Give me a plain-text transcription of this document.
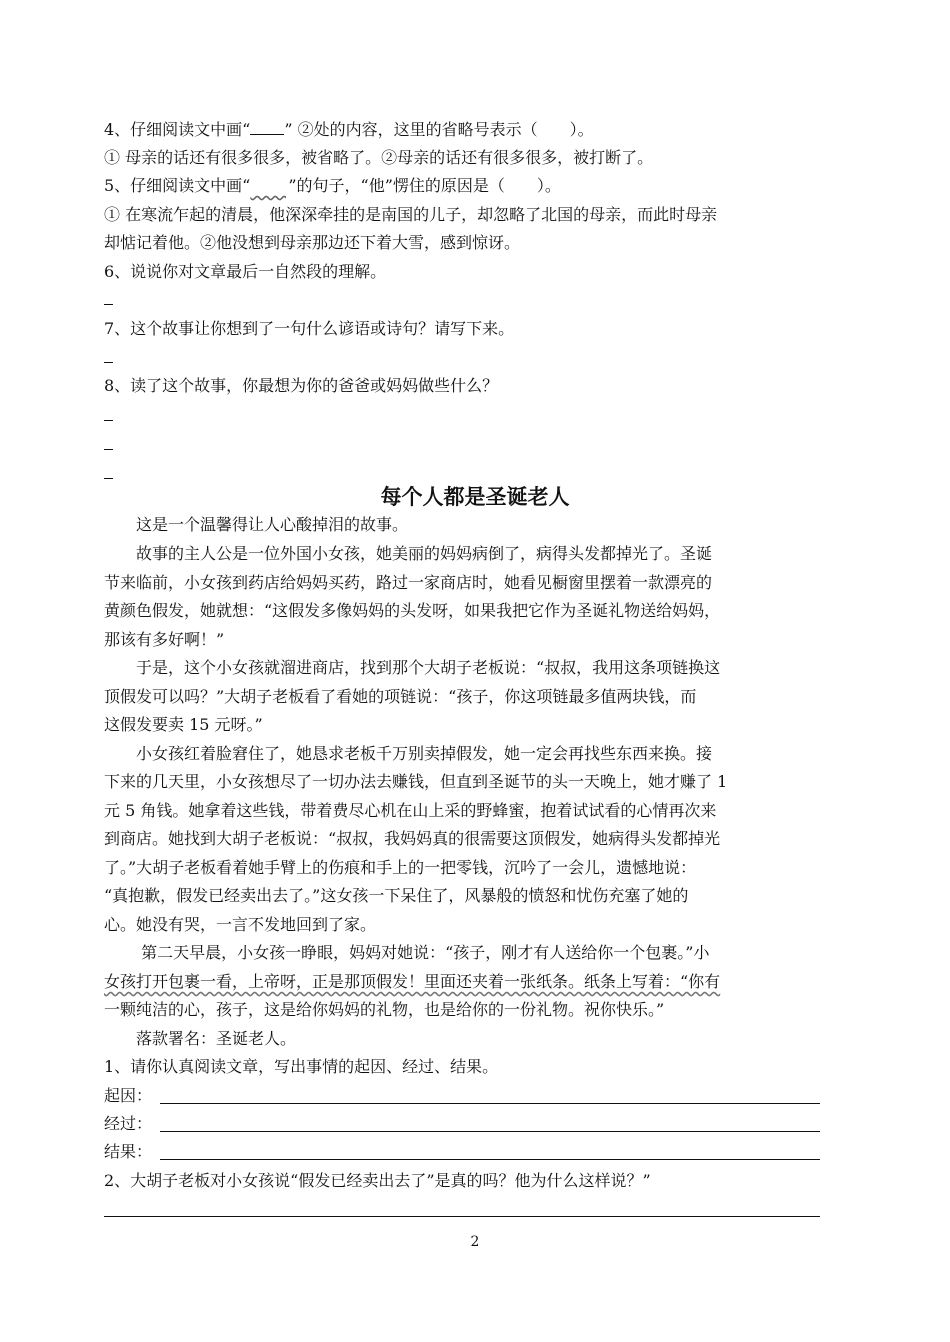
4、仔细阅读文中画“ ” ②处的内容，这里的省略号表示（　　）。
① 母亲的话还有很多很多，被省略了。②母亲的话还有很多很多，被打断了。
5、仔细阅读文中画“ ”的句子，“他”愣住的原因是（　　）。
① 在寒流乍起的清晨，他深深牵挂的是南国的儿子，却忽略了北国的母亲，而此时母亲
却惦记着他。②他没想到母亲那边还下着大雪，感到惊讶。
6、说说你对文章最后一自然段的理解。
7、这个故事让你想到了一句什么谚语或诗句？请写下来。
8、读了这个故事，你最想为你的爸爸或妈妈做些什么？
每个人都是圣诞老人
　　这是一个温馨得让人心酸掉泪的故事。
　　故事的主人公是一位外国小女孩，她美丽的妈妈病倒了，病得头发都掉光了。圣诞
节来临前，小女孩到药店给妈妈买药，路过一家商店时，她看见橱窗里摆着一款漂亮的
黄颜色假发，她就想：“这假发多像妈妈的头发呀，如果我把它作为圣诞礼物送给妈妈，
那该有多好啊！”
　　于是，这个小女孩就溜进商店，找到那个大胡子老板说：“叔叔，我用这条项链换这
顶假发可以吗？”大胡子老板看了看她的项链说：“孩子，你这项链最多值两块钱，而
这假发要卖 15 元呀。”
　　小女孩红着脸窘住了，她恳求老板千万别卖掉假发，她一定会再找些东西来换。接
下来的几天里，小女孩想尽了一切办法去赚钱，但直到圣诞节的头一天晚上，她才赚了 1
元 5 角钱。她拿着这些钱，带着费尽心机在山上采的野蜂蜜，抱着试试看的心情再次来
到商店。她找到大胡子老板说：“叔叔，我妈妈真的很需要这顶假发，她病得头发都掉光
了。”大胡子老板看着她手臂上的伤痕和手上的一把零钱，沉吟了一会儿，遗憾地说：
“真抱歉，假发已经卖出去了。”这女孩一下呆住了，风暴般的愤怒和忧伤充塞了她的
心。她没有哭，一言不发地回到了家。
　　 第二天早晨，小女孩一睁眼，妈妈对她说：“孩子，刚才有人送给你一个包裹。”小
女孩打开包裹一看，上帝呀，正是那顶假发！里面还夹着一张纸条。纸条上写着：“你有
一颗纯洁的心，孩子，这是给你妈妈的礼物，也是给你的一份礼物。祝你快乐。”
　　落款署名：圣诞老人。
1、请你认真阅读文章，写出事情的起因、经过、结果。
起因：
经过：
结果：
2、大胡子老板对小女孩说“假发已经卖出去了”是真的吗？他为什么这样说？”
2
